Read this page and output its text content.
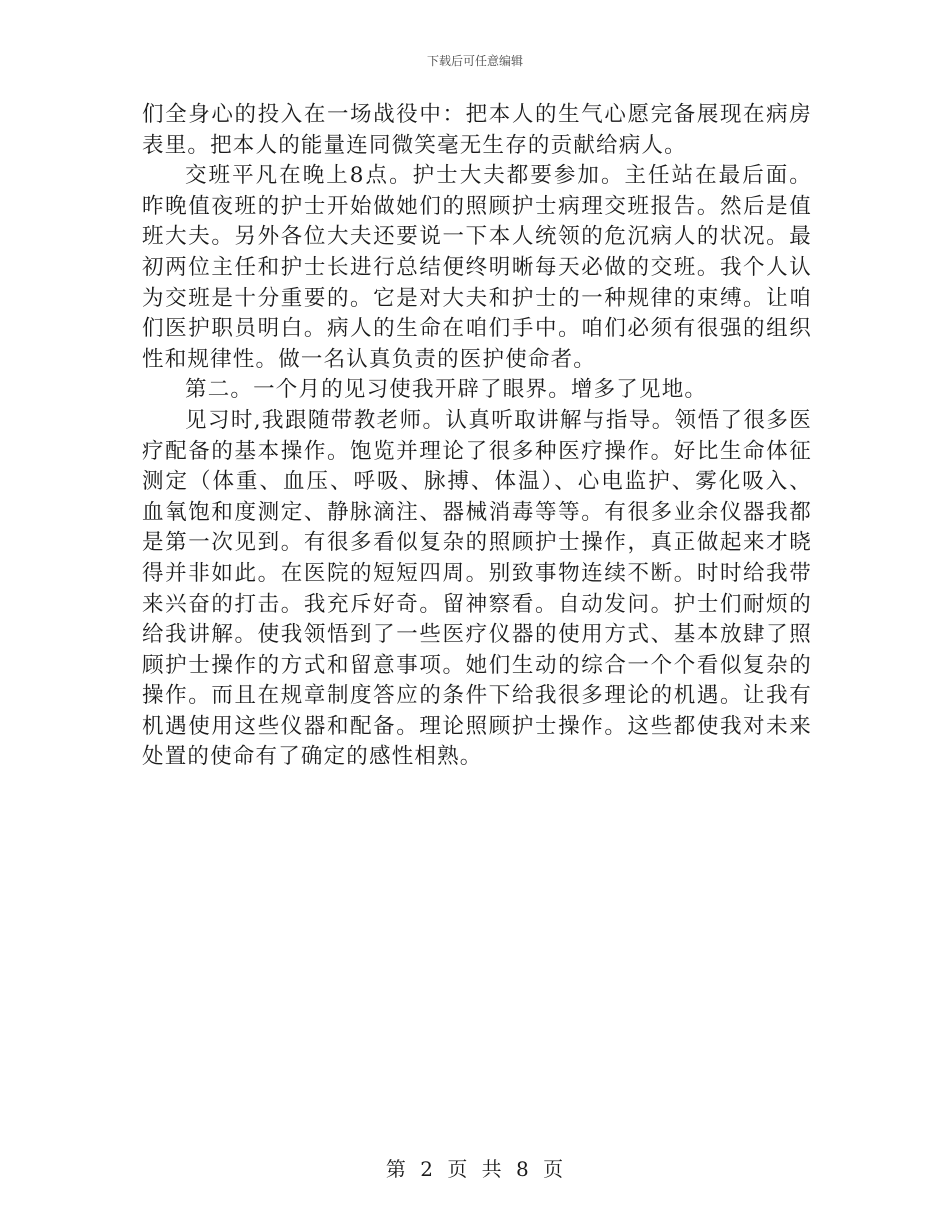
下载后可任意编辑

们全身心的投入在一场战役中：把本人的生气心愿完备展现在病房表里。把本人的能量连同微笑毫无生存的贡献给病人。

交班平凡在晚上8点。护士大夫都要参加。主任站在最后面。昨晚值夜班的护士开始做她们的照顾护士病理交班报告。然后是值班大夫。另外各位大夫还要说一下本人统领的危沉病人的状况。最初两位主任和护士长进行总结便终明晰每天必做的交班。我个人认为交班是十分重要的。它是对大夫和护士的一种规律的束缚。让咱们医护职员明白。病人的生命在咱们手中。咱们必须有很强的组织性和规律性。做一名认真负责的医护使命者。

第二。一个月的见习使我开辟了眼界。增多了见地。

见习时,我跟随带教老师。认真听取讲解与指导。领悟了很多医疗配备的基本操作。饱览并理论了很多种医疗操作。好比生命体征测定（体重、血压、呼吸、脉搏、体温）、心电监护、雾化吸入、血氧饱和度测定、静脉滴注、器械消毒等等。有很多业余仪器我都是第一次见到。有很多看似复杂的照顾护士操作，真正做起来才晓得并非如此。在医院的短短四周。别致事物连续不断。时时给我带来兴奋的打击。我充斥好奇。留神察看。自动发问。护士们耐烦的给我讲解。使我领悟到了一些医疗仪器的使用方式、基本放肆了照顾护士操作的方式和留意事项。她们生动的综合一个个看似复杂的操作。而且在规章制度答应的条件下给我很多理论的机遇。让我有机遇使用这些仪器和配备。理论照顾护士操作。这些都使我对未来处置的使命有了确定的感性相熟。

第 2 页 共 8 页
